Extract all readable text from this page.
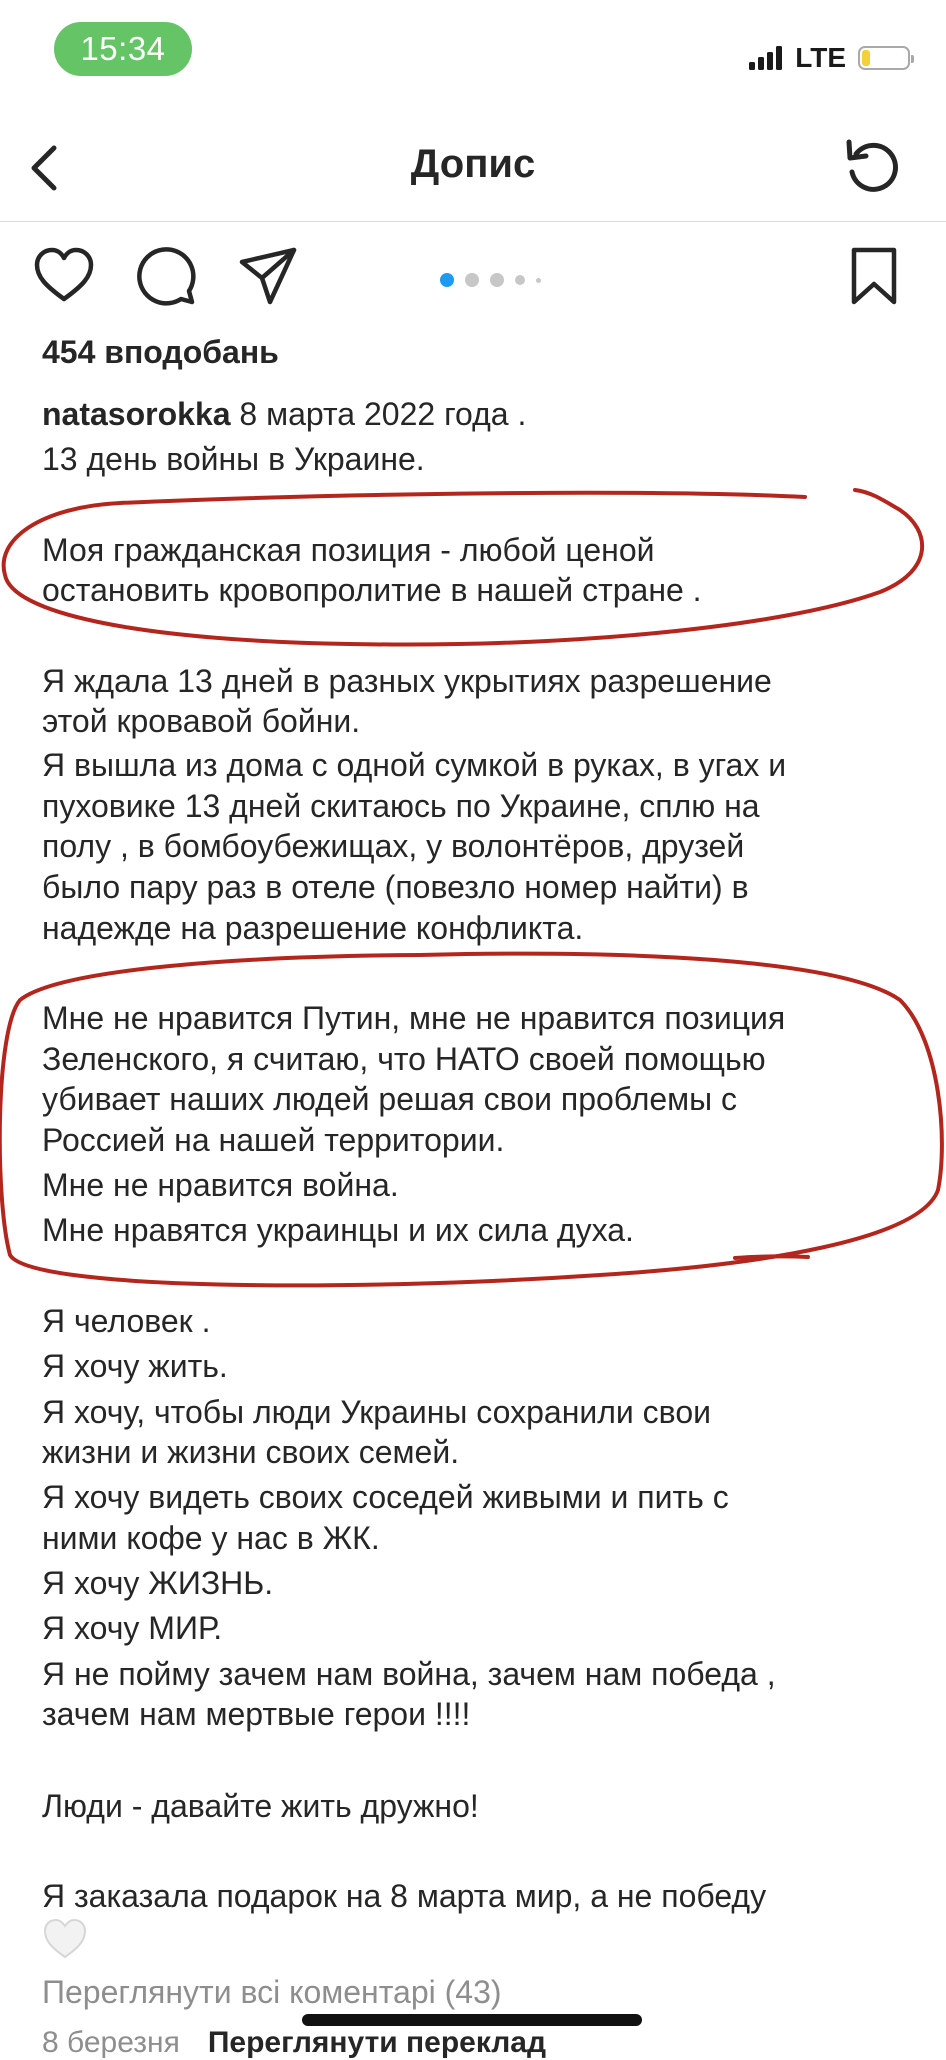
15:34	LTE
Допис
454 вподобань
natasorokka 8 марта 2022 года .
13 день войны в Украине.
Моя гражданская позиция - любой ценой
остановить кровопролитие в нашей стране .
Я ждала 13 дней в разных укрытиях разрешение
этой кровавой бойни.
Я вышла из дома с одной сумкой в руках, в угах и
пуховике 13 дней скитаюсь по Украине, сплю на
полу , в бомбоубежищах, у волонтёров, друзей
было пару раз в отеле (повезло номер найти) в
надежде на разрешение конфликта.
Мне не нравится Путин, мне не нравится позиция
Зеленского, я считаю, что НАТО своей помощью
убивает наших людей решая свои проблемы с
Россией на нашей территории.
Мне не нравится война.
Мне нравятся украинцы и их сила духа.
Я человек .
Я хочу жить.
Я хочу, чтобы люди Украины сохранили свои
жизни и жизни своих семей.
Я хочу видеть своих соседей живыми и пить с
ними кофе у нас в ЖК.
Я хочу ЖИЗНЬ.
Я хочу МИР.
Я не пойму зачем нам война, зачем нам победа ,
зачем нам мертвые герои !!!!
Люди - давайте жить дружно!
Я заказала подарок на 8 марта мир, а не победу
Переглянути всі коментарі (43)
8 березня Переглянути переклад
